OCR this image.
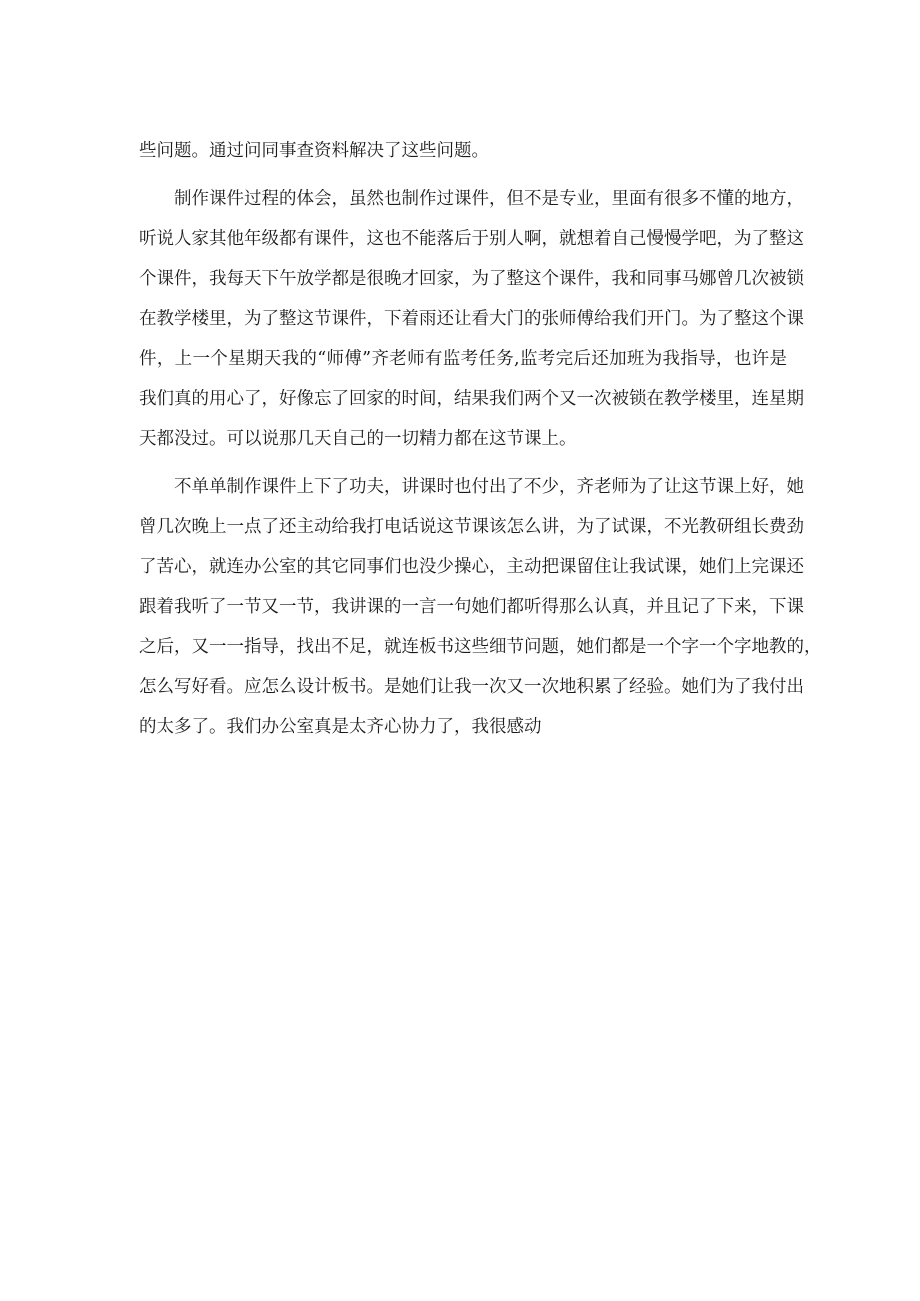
些问题。通过问同事查资料解决了这些问题。

制作课件过程的体会，虽然也制作过课件，但不是专业，里面有很多不懂的地方，
听说人家其他年级都有课件，这也不能落后于别人啊，就想着自己慢慢学吧，为了整这
个课件，我每天下午放学都是很晚才回家，为了整这个课件，我和同事马娜曾几次被锁
在教学楼里，为了整这节课件，下着雨还让看大门的张师傅给我们开门。为了整这个课
件，上一个星期天我的“师傅”齐老师有监考任务,监考完后还加班为我指导，也许是
我们真的用心了，好像忘了回家的时间，结果我们两个又一次被锁在教学楼里，连星期
天都没过。可以说那几天自己的一切精力都在这节课上。

不单单制作课件上下了功夫，讲课时也付出了不少，齐老师为了让这节课上好，她
曾几次晚上一点了还主动给我打电话说这节课该怎么讲，为了试课，不光教研组长费劲
了苦心，就连办公室的其它同事们也没少操心，主动把课留住让我试课，她们上完课还
跟着我听了一节又一节，我讲课的一言一句她们都听得那么认真，并且记了下来，下课
之后，又一一指导，找出不足，就连板书这些细节问题，她们都是一个字一个字地教的，
怎么写好看。应怎么设计板书。是她们让我一次又一次地积累了经验。她们为了我付出
的太多了。我们办公室真是太齐心协力了，我很感动
